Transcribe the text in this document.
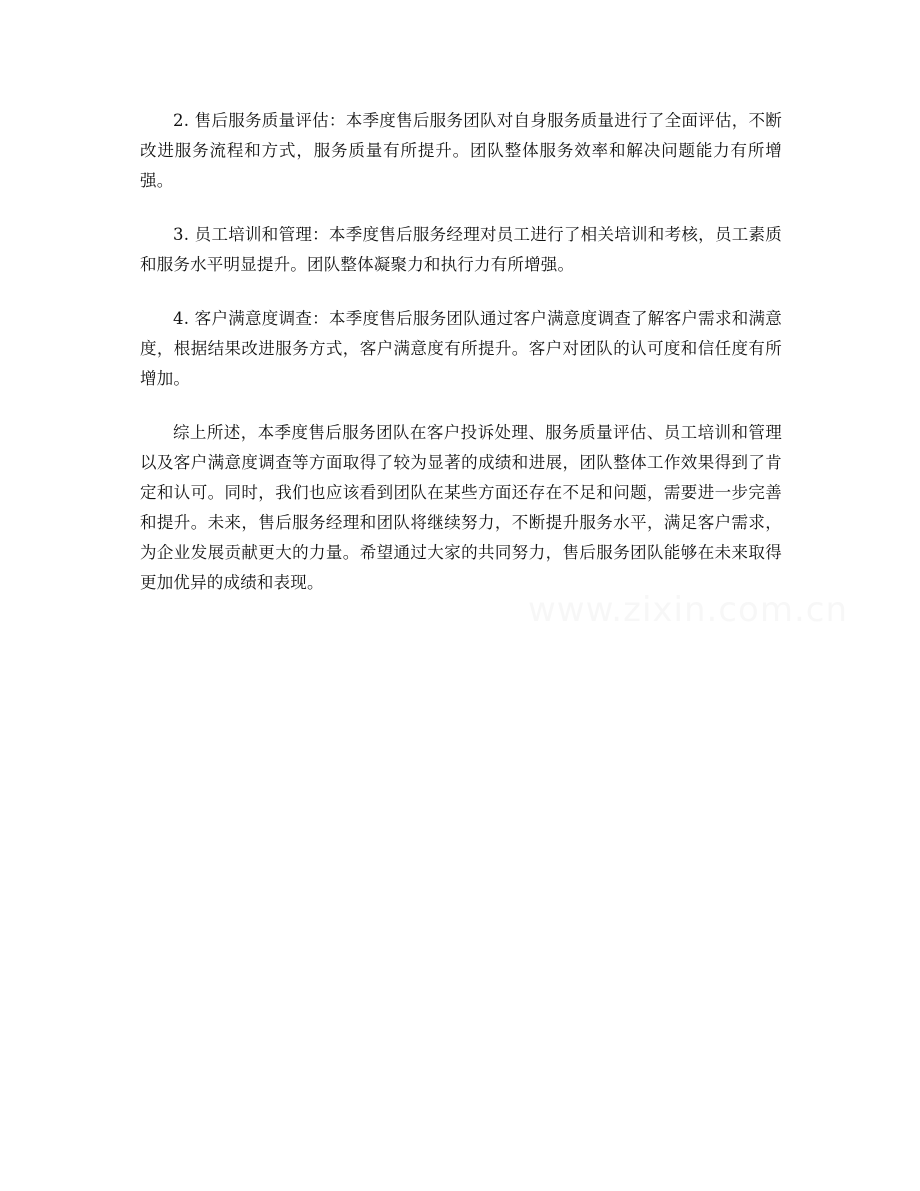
2. 售后服务质量评估：本季度售后服务团队对自身服务质量进行了全面评估，不断改进服务流程和方式，服务质量有所提升。团队整体服务效率和解决问题能力有所增强。

3. 员工培训和管理：本季度售后服务经理对员工进行了相关培训和考核，员工素质和服务水平明显提升。团队整体凝聚力和执行力有所增强。

4. 客户满意度调查：本季度售后服务团队通过客户满意度调查了解客户需求和满意度，根据结果改进服务方式，客户满意度有所提升。客户对团队的认可度和信任度有所增加。

综上所述，本季度售后服务团队在客户投诉处理、服务质量评估、员工培训和管理以及客户满意度调查等方面取得了较为显著的成绩和进展，团队整体工作效果得到了肯定和认可。同时，我们也应该看到团队在某些方面还存在不足和问题，需要进一步完善和提升。未来，售后服务经理和团队将继续努力，不断提升服务水平，满足客户需求，为企业发展贡献更大的力量。希望通过大家的共同努力，售后服务团队能够在未来取得更加优异的成绩和表现。

www.zixin.com.cn
